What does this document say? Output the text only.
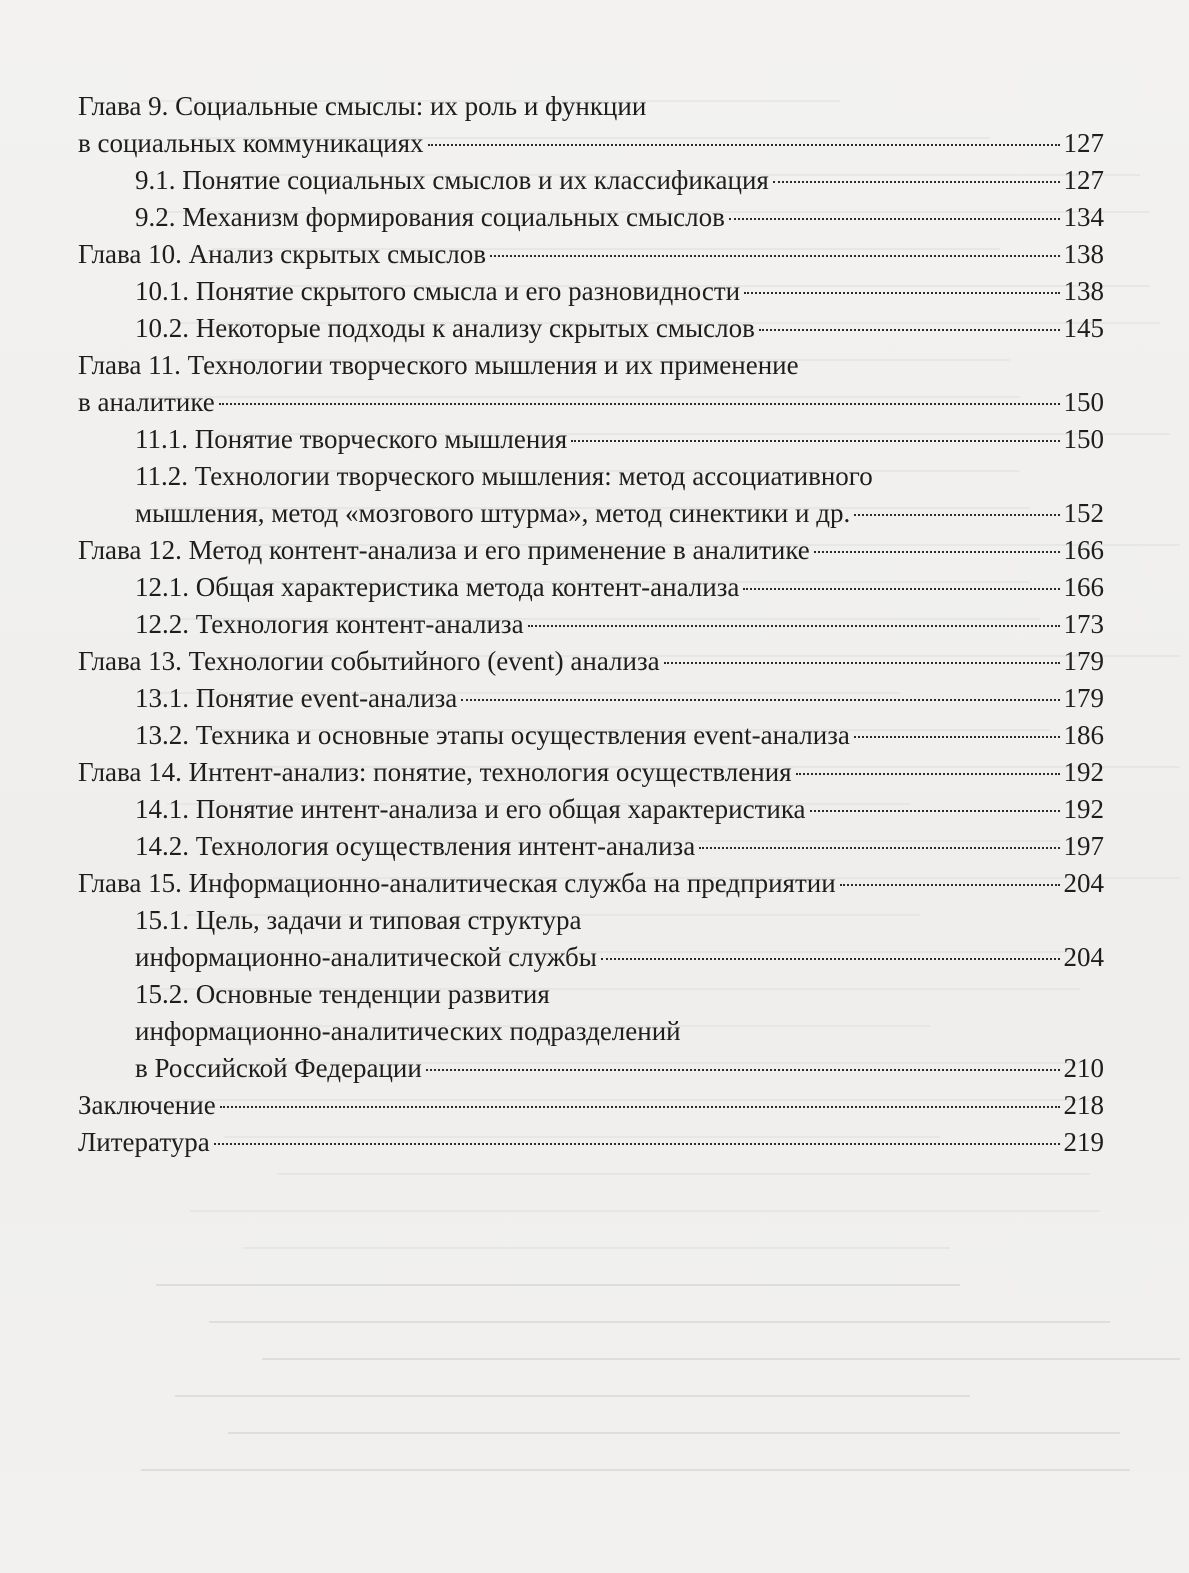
Глава 9. Социальные смыслы: их роль и функции
в социальных коммуникациях	127
9.1. Понятие социальных смыслов и их классификация	127
9.2. Механизм формирования социальных смыслов	134
Глава 10. Анализ скрытых смыслов	138
10.1. Понятие скрытого смысла и его разновидности	138
10.2. Некоторые подходы к анализу скрытых смыслов	145
Глава 11. Технологии творческого мышления и их применение
в аналитике	150
11.1. Понятие творческого мышления	150
11.2. Технологии творческого мышления: метод ассоциативного
мышления, метод «мозгового штурма», метод синектики и др.	152
Глава 12. Метод контент-анализа и его применение в аналитике	166
12.1. Общая характеристика метода контент-анализа	166
12.2. Технология контент-анализа	173
Глава 13. Технологии событийного (event) анализа	179
13.1. Понятие event-анализа	179
13.2. Техника и основные этапы осуществления event-анализа	186
Глава 14. Интент-анализ: понятие, технология осуществления	192
14.1. Понятие интент-анализа и его общая характеристика	192
14.2. Технология осуществления интент-анализа	197
Глава 15. Информационно-аналитическая служба на предприятии	204
15.1. Цель, задачи и типовая структура
информационно-аналитической службы	204
15.2. Основные тенденции развития
информационно-аналитических подразделений
в Российской Федерации	210
Заключение	218
Литература	219
